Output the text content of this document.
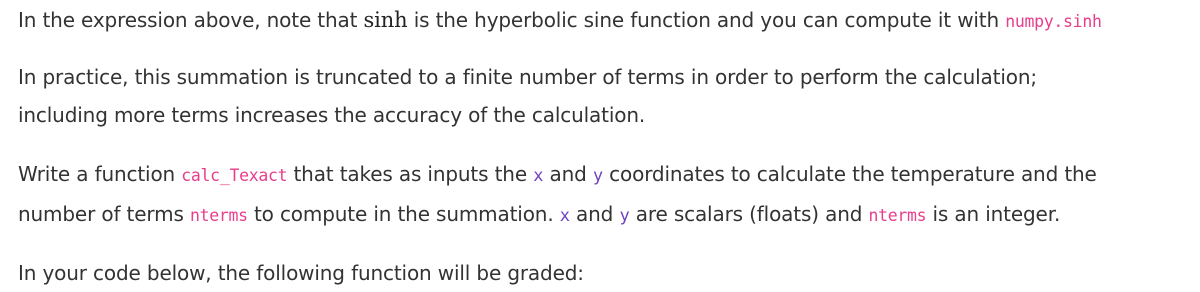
In the expression above, note that sinh is the hyperbolic sine function and you can compute it with numpy.sinh

In practice, this summation is truncated to a finite number of terms in order to perform the calculation;
including more terms increases the accuracy of the calculation.

Write a function calc_Texact that takes as inputs the x and y coordinates to calculate the temperature and the
number of terms nterms to compute in the summation. x and y are scalars (floats) and nterms is an integer.

In your code below, the following function will be graded:
